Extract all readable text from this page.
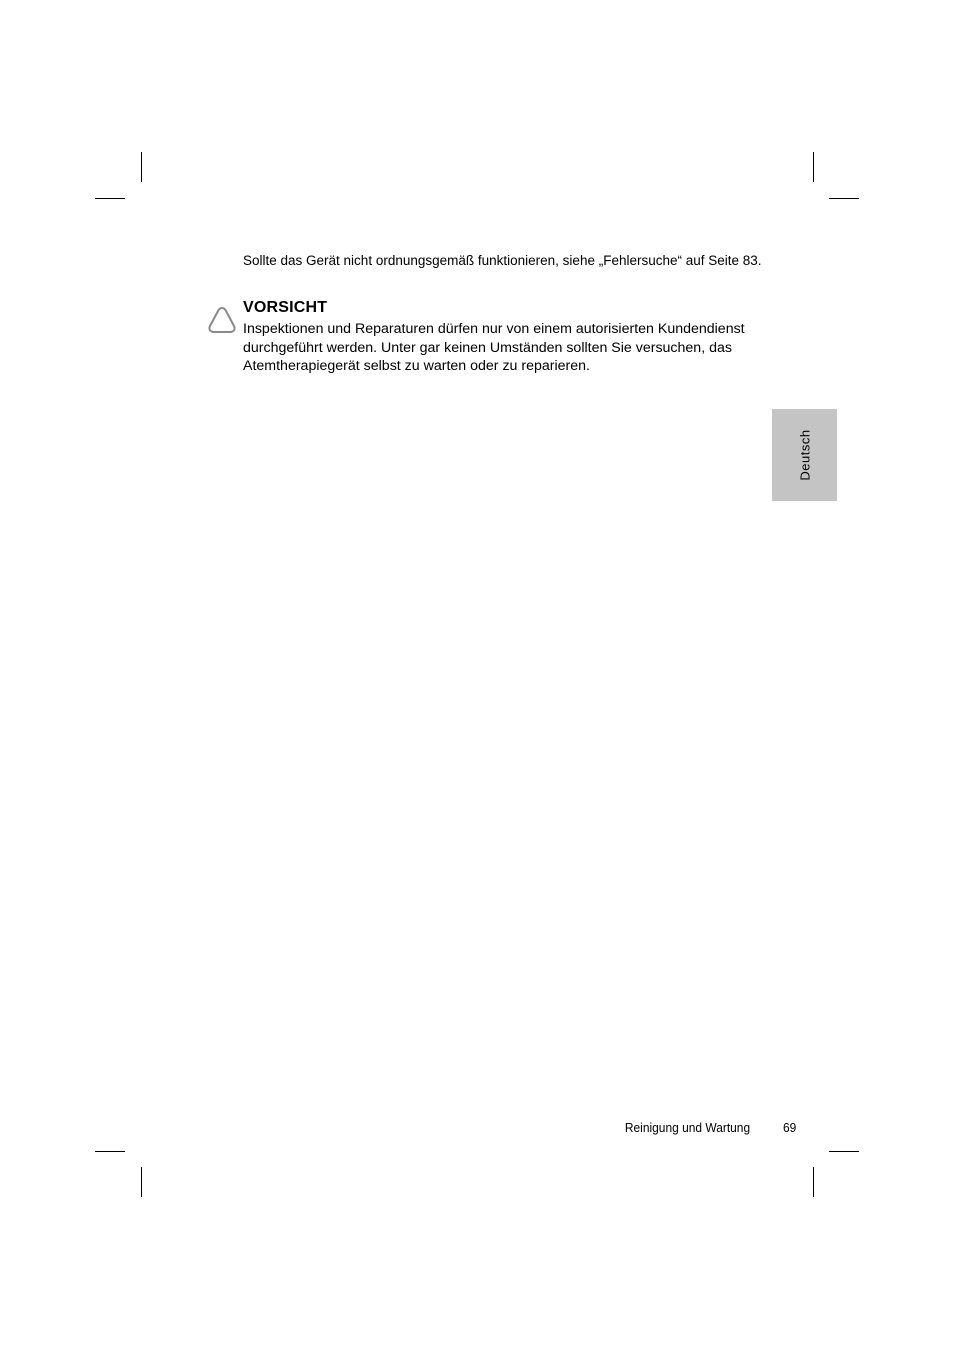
Sollte das Gerät nicht ordnungsgemäß funktionieren, siehe „Fehlersuche“ auf Seite 83.

VORSICHT

Inspektionen und Reparaturen dürfen nur von einem autorisierten Kundendienst durchgeführt werden. Unter gar keinen Umständen sollten Sie versuchen, das Atemtherapiegerät selbst zu warten oder zu reparieren.

Deutsch
Reinigung und Wartung	69
